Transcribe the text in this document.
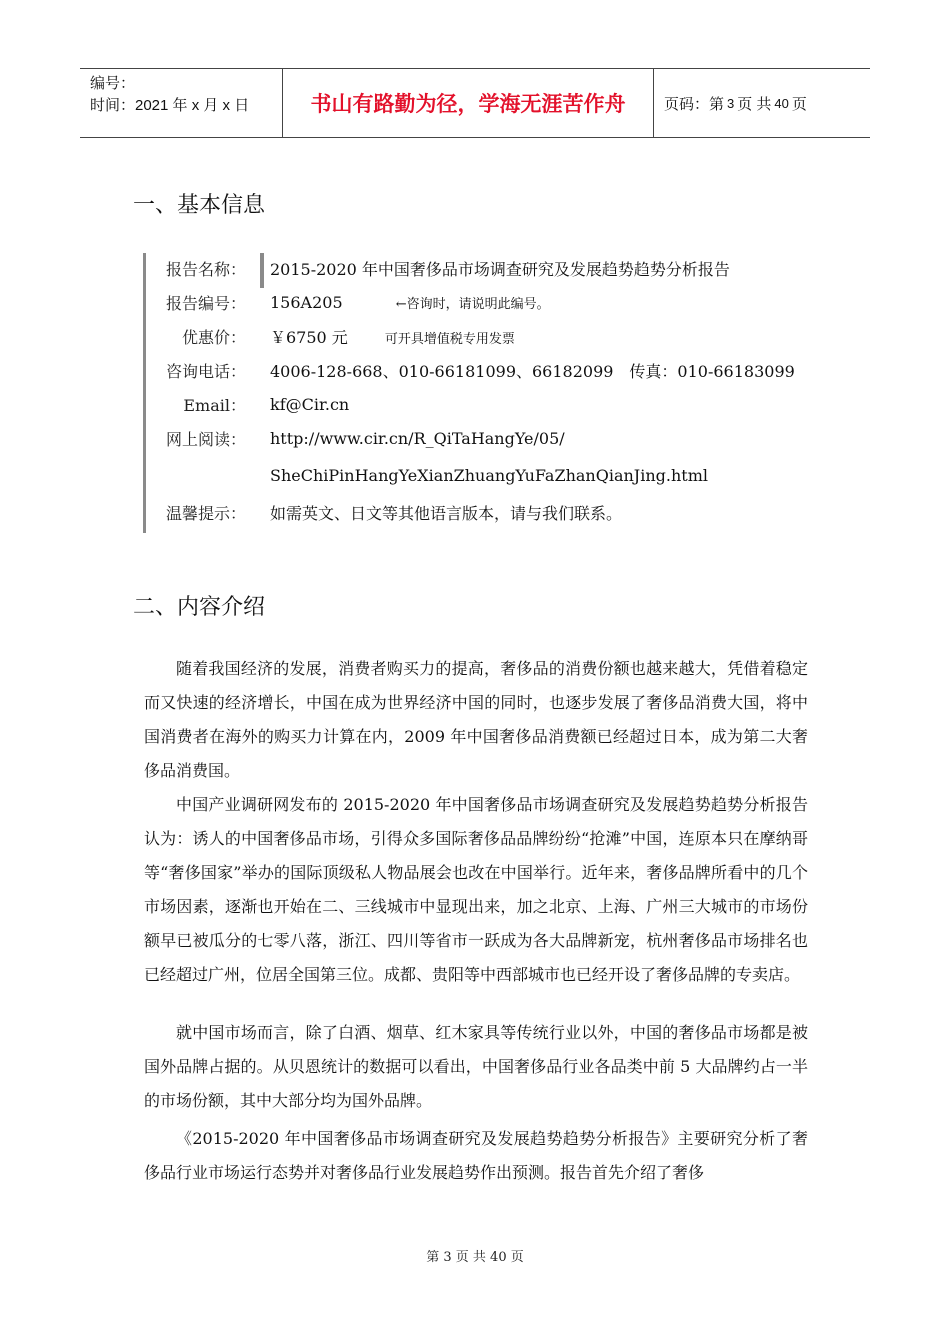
编号：
时间：2021 年 x 月 x 日	书山有路勤为径，学海无涯苦作舟	页码：第 3 页 共 40 页
一、基本信息
报告名称： 2015-2020 年中国奢侈品市场调查研究及发展趋势趋势分析报告
报告编号： 156A205	←咨询时，请说明此编号。
优惠价： ￥6750 元	可开具增值税专用发票
咨询电话： 4006-128-668、010-66181099、66182099　传真：010-66183099
Email： kf@Cir.cn
网上阅读： http://www.cir.cn/R_QiTaHangYe/05/
SheChiPinHangYeXianZhuangYuFaZhanQianJing.html
温馨提示： 如需英文、日文等其他语言版本，请与我们联系。
二、内容介绍

随着我国经济的发展，消费者购买力的提高，奢侈品的消费份额也越来越大，凭借着稳定而又快速的经济增长，中国在成为世界经济中国的同时，也逐步发展了奢侈品消费大国，将中国消费者在海外的购买力计算在内，2009 年中国奢侈品消费额已经超过日本，成为第二大奢侈品消费国。

中国产业调研网发布的 2015-2020 年中国奢侈品市场调查研究及发展趋势趋势分析报告认为：诱人的中国奢侈品市场，引得众多国际奢侈品品牌纷纷“抢滩”中国，连原本只在摩纳哥等“奢侈国家”举办的国际顶级私人物品展会也改在中国举行。近年来，奢侈品牌所看中的几个市场因素，逐渐也开始在二、三线城市中显现出来，加之北京、上海、广州三大城市的市场份额早已被瓜分的七零八落，浙江、四川等省市一跃成为各大品牌新宠，杭州奢侈品市场排名也已经超过广州，位居全国第三位。成都、贵阳等中西部城市也已经开设了奢侈品牌的专卖店。

就中国市场而言，除了白酒、烟草、红木家具等传统行业以外，中国的奢侈品市场都是被国外品牌占据的。从贝恩统计的数据可以看出，中国奢侈品行业各品类中前 5 大品牌约占一半的市场份额，其中大部分均为国外品牌。

《2015-2020 年中国奢侈品市场调查研究及发展趋势趋势分析报告》主要研究分析了奢侈品行业市场运行态势并对奢侈品行业发展趋势作出预测。报告首先介绍了奢侈

第 3 页 共 40 页
